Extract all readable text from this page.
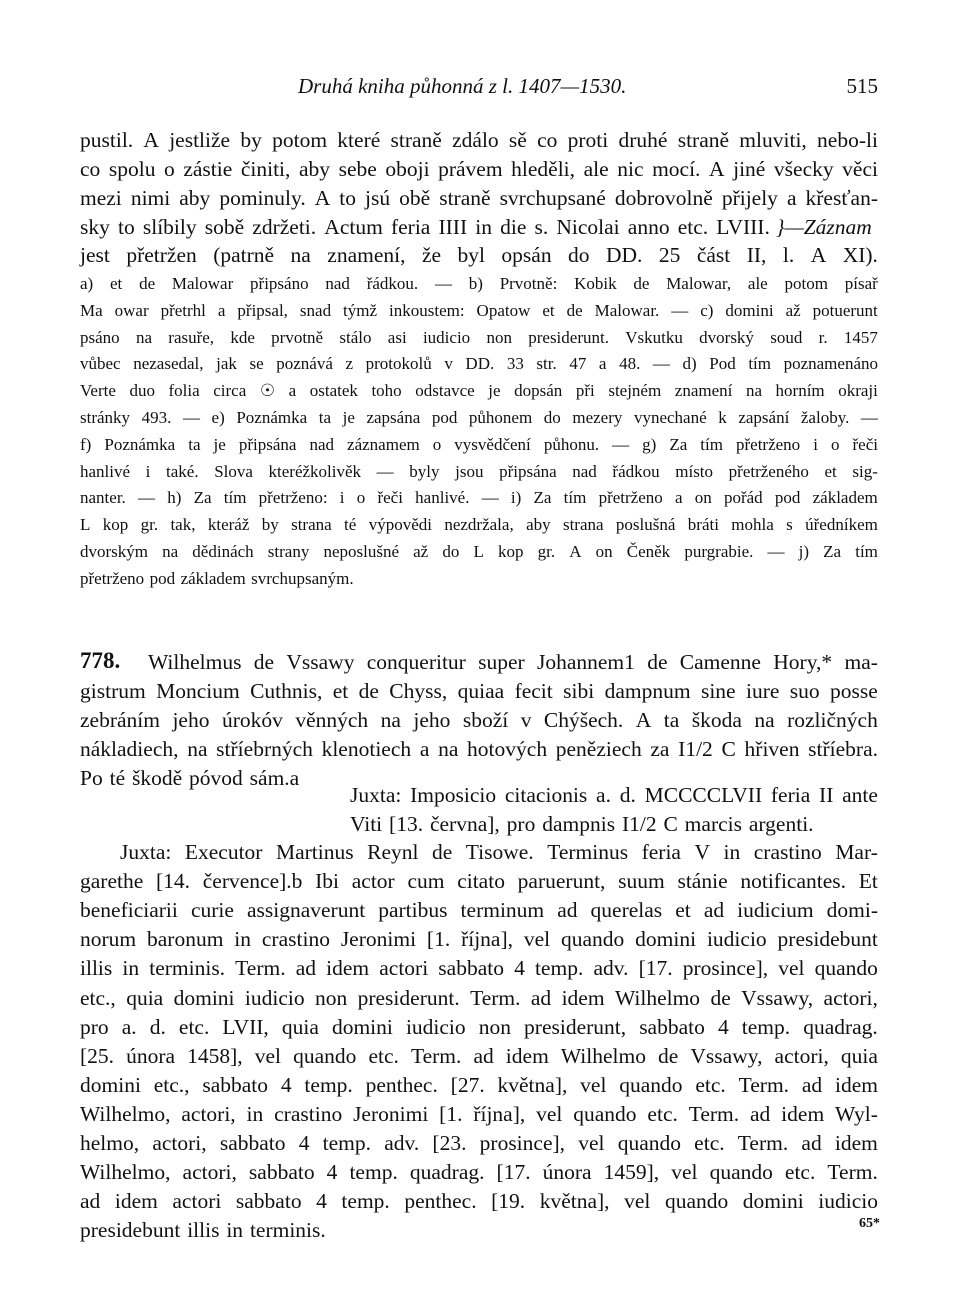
Druhá kniha půhonná z l. 1407—1530.	515
pustil. A jestliže by potom které straně zdálo sě co proti druhé straně mluviti, nebo-li
co spolu o zástie činiti, aby sebe oboji právem hleděli, ale nic mocí. A jiné všecky věci
mezi nimi aby pominuly. A to jsú obě straně svrchupsané dobrovolně přijely a křesťan-
sky to slíbily sobě zdržeti. Actum feria IIII in die s. Nicolai anno etc. LVIII.
jest přetržen (patrně na znamení, že byl opsán do DD. 25 část II, l. A XI).
}—Záznam
a) et de Malowar připsáno nad řádkou. — b) Prvotně: Kobik de Malowar, ale potom písař
Ma owar přetrhl a připsal, snad týmž inkoustem: Opatow et de Malowar. — c) domini až potuerunt
psáno na rasuře, kde prvotně stálo asi iudicio non presiderunt. Vskutku dvorský soud r. 1457
vůbec nezasedal, jak se poznává z protokolů v DD. 33 str. 47 a 48. — d) Pod tím poznamenáno
Verte duo folia circa ☉ a ostatek toho odstavce je dopsán při stejném znamení na horním okraji
stránky 493. — e) Poznámka ta je zapsána pod půhonem do mezery vynechané k zapsání žaloby. —
f) Poznámka ta je připsána nad záznamem o vysvědčení půhonu. — g) Za tím přetrženo i o řeči
hanlivé i také. Slova kteréžkolivěk — byly jsou připsána nad řádkou místo přetrženého et sig-
nanter. — h) Za tím přetrženo: i o řeči hanlivé. — i) Za tím přetrženo a on pořád pod základem
L kop gr. tak, kteráž by strana té výpovědi nezdržala, aby strana poslušná bráti mohla s úředníkem
dvorským na dědinách strany neposlušné až do L kop gr. A on Čeněk purgrabie. — j) Za tím
přetrženo pod základem svrchupsaným.
Wilhelmus de Vssawy conqueritur super Johannem1 de Camenne Hory,* ma-
gistrum Moncium Cuthnis, et de Chyss, quiaa fecit sibi dampnum sine iure suo posse
zebráním jeho úrokóv věnných na jeho sboží v Chýšech. A ta škoda na rozličných
nákladiech, na stříebrných klenotiech a na hotových peněziech za I1/2 C hřiven stříebra.
Po té škodě póvod sám.a
778.
Juxta: Imposicio citacionis a. d. MCCCCLVII feria II ante
Viti [13. června], pro dampnis I1/2 C marcis argenti.
Juxta: Executor Martinus Reynl de Tisowe. Terminus feria V in crastino Mar-
garethe [14. července].b Ibi actor cum citato paruerunt, suum stánie notificantes. Et
beneficiarii curie assignaverunt partibus terminum ad querelas et ad iudicium domi-
norum baronum in crastino Jeronimi [1. října], vel quando domini iudicio presidebunt
illis in terminis. Term. ad idem actori sabbato 4 temp. adv. [17. prosince], vel quando
etc., quia domini iudicio non presiderunt. Term. ad idem Wilhelmo de Vssawy, actori,
pro a. d. etc. LVII, quia domini iudicio non presiderunt, sabbato 4 temp. quadrag.
[25. února 1458], vel quando etc. Term. ad idem Wilhelmo de Vssawy, actori, quia
domini etc., sabbato 4 temp. penthec. [27. května], vel quando etc. Term. ad idem
Wilhelmo, actori, in crastino Jeronimi [1. října], vel quando etc. Term. ad idem Wyl-
helmo, actori, sabbato 4 temp. adv. [23. prosince], vel quando etc. Term. ad idem
Wilhelmo, actori, sabbato 4 temp. quadrag. [17. února 1459], vel quando etc. Term.
ad idem actori sabbato 4 temp. penthec. [19. května], vel quando domini iudicio
presidebunt illis in terminis.	65*
